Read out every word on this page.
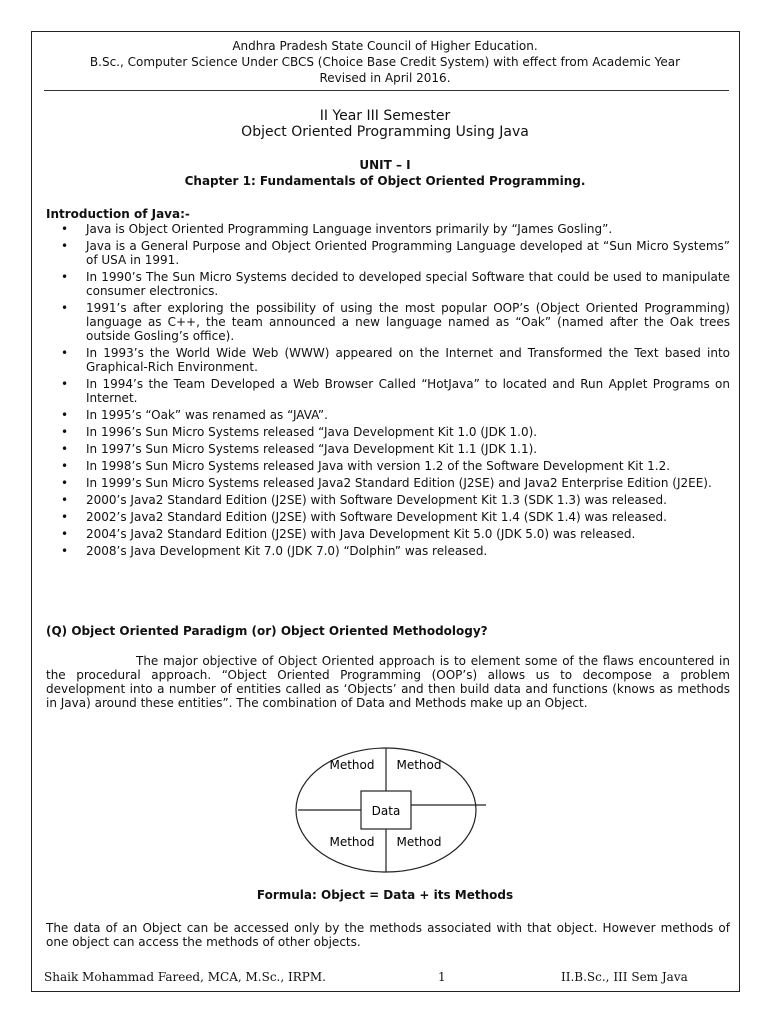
Andhra Pradesh State Council of Higher Education.
B.Sc., Computer Science Under CBCS (Choice Base Credit System) with effect from Academic Year
Revised in April 2016.
II Year III Semester
Object Oriented Programming Using Java
UNIT – I
Chapter 1: Fundamentals of Object Oriented Programming.
Introduction of Java:-
• Java is Object Oriented Programming Language inventors primarily by “James Gosling”.
• Java is a General Purpose and Object Oriented Programming Language developed at “Sun Micro Systems” of USA in 1991.
• In 1990’s The Sun Micro Systems decided to developed special Software that could be used to manipulate consumer electronics.
• 1991’s after exploring the possibility of using the most popular OOP’s (Object Oriented Programming) language as C++, the team announced a new language named as “Oak” (named after the Oak trees outside Gosling’s office).
• In 1993’s the World Wide Web (WWW) appeared on the Internet and Transformed the Text based into Graphical-Rich Environment.
• In 1994’s the Team Developed a Web Browser Called “HotJava” to located and Run Applet Programs on Internet.
• In 1995’s “Oak” was renamed as “JAVA”.
• In 1996’s Sun Micro Systems released “Java Development Kit 1.0 (JDK 1.0).
• In 1997’s Sun Micro Systems released “Java Development Kit 1.1 (JDK 1.1).
• In 1998’s Sun Micro Systems released Java with version 1.2 of the Software Development Kit 1.2.
• In 1999’s Sun Micro Systems released Java2 Standard Edition (J2SE) and Java2 Enterprise Edition (J2EE).
• 2000’s Java2 Standard Edition (J2SE) with Software Development Kit 1.3 (SDK 1.3) was released.
• 2002’s Java2 Standard Edition (J2SE) with Software Development Kit 1.4 (SDK 1.4) was released.
• 2004’s Java2 Standard Edition (J2SE) with Java Development Kit 5.0 (JDK 5.0) was released.
• 2008’s Java Development Kit 7.0 (JDK 7.0) “Dolphin” was released.
(Q) Object Oriented Paradigm (or) Object Oriented Methodology?
The major objective of Object Oriented approach is to element some of the flaws encountered in the procedural approach. “Object Oriented Programming (OOP’s) allows us to decompose a problem development into a number of entities called as ‘Objects’ and then build data and functions (knows as methods in Java) around these entities”. The combination of Data and Methods make up an Object.
Data
Method Method
Method Method
Formula: Object = Data + its Methods
The data of an Object can be accessed only by the methods associated with that object. However methods of one object can access the methods of other objects.
Shaik Mohammad Fareed, MCA, M.Sc., IRPM.	1	II.B.Sc., III Sem Java
